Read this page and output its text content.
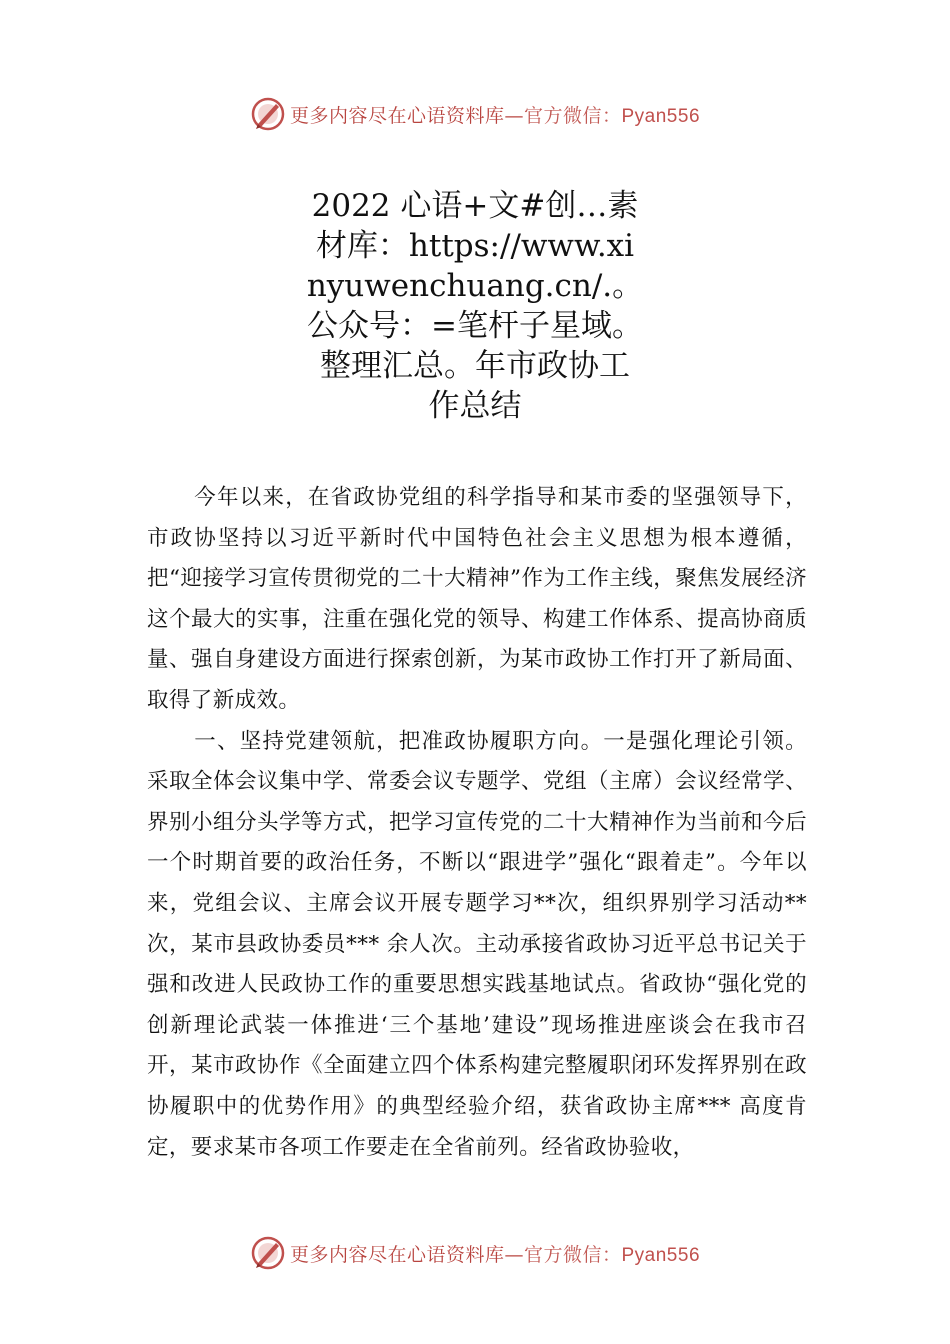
更多内容尽在心语资料库—官方微信：Pyan556
2022 心语+文#创…素
材库：https://www.xi
nyuwenchuang.cn/.。
公众号：=笔杆子星域。
整理汇总。年市政协工
作总结

今年以来，在省政协党组的科学指导和某市委的坚强领导下，市政协坚持以习近平新时代中国特色社会主义思想为根本遵循，把“迎接学习宣传贯彻党的二十大精神”作为工作主线，聚焦发展经济这个最大的实事，注重在强化党的领导、构建工作体系、提高协商质量、强自身建设方面进行探索创新，为某市政协工作打开了新局面、取得了新成效。

一、坚持党建领航，把准政协履职方向。一是强化理论引领。采取全体会议集中学、常委会议专题学、党组（主席）会议经常学、界别小组分头学等方式，把学习宣传党的二十大精神作为当前和今后一个时期首要的政治任务，不断以“跟进学”强化“跟着走”。今年以来，党组会议、主席会议开展专题学习**次，组织界别学习活动**次，某市县政协委员*** 余人次。主动承接省政协习近平总书记关于强和改进人民政协工作的重要思想实践基地试点。省政协“强化党的创新理论武装一体推进‘三个基地’建设”现场推进座谈会在我市召开，某市政协作《全面建立四个体系构建完整履职闭环发挥界别在政协履职中的优势作用》的典型经验介绍，获省政协主席*** 高度肯定，要求某市各项工作要走在全省前列。经省政协验收，

更多内容尽在心语资料库—官方微信：Pyan556
